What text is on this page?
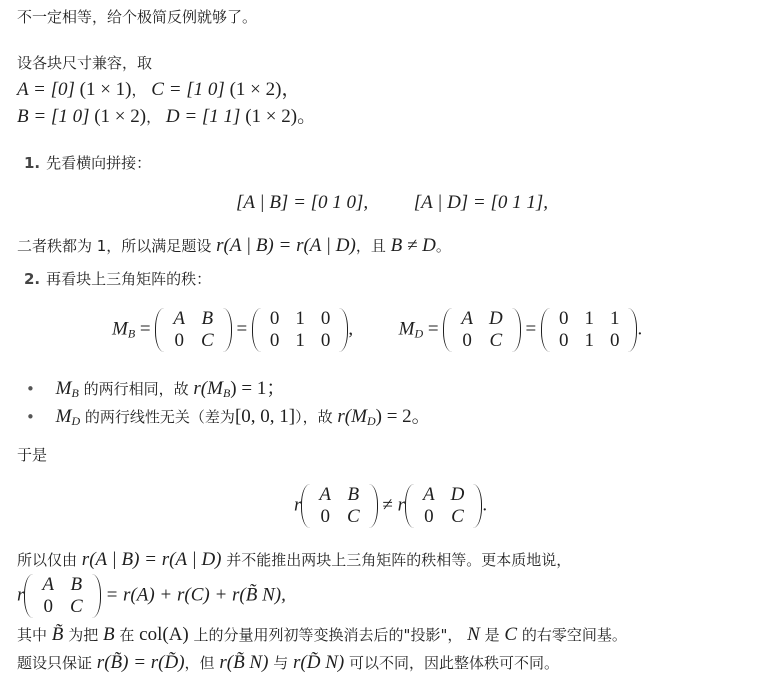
不一定相等，给个极简反例就够了。
设各块尺寸兼容，取
A = [0] (1 × 1)， C = [1 0] (1 × 2)，
B = [1 0] (1 × 2)， D = [1 1] (1 × 2)。
1. 先看横向拼接：
[A | B] = [0 1 0], [A | D] = [0 1 1],
二者秩都为 1，所以满足题设 r(A | B) = r(A | D)，且 B ≠ D。
2. 再看块上三角矩阵的秩：
$M_B = A$	B
0	C
= 0	1	0
0	1	0
, $M_D = A$	D
0	C
= 0	1	1
0	1	0
.
• $M_B$ 的两行相同，故 $r(M_B) = 1$；
• $M_D$ 的两行线性无关（差为[0, 0, 1]），故 $r(M_D) = 2$。
于是
r A	B
0	C
≠ r A	D
0	C
.
所以仅由 r(A | B) = r(A | D) 并不能推出两块上三角矩阵的秩相等。更本质地说，
r A	B
0	C
= r(A) + r(C) + r(B̃ N),
其中 B̃ 为把 B 在 col(A) 上的分量用列初等变换消去后的"投影"， N 是 C 的右零空间基。
题设只保证 r(B̃) = r(D̃)，但 r(B̃ N) 与 r(D̃ N) 可以不同，因此整体秩可不同。
